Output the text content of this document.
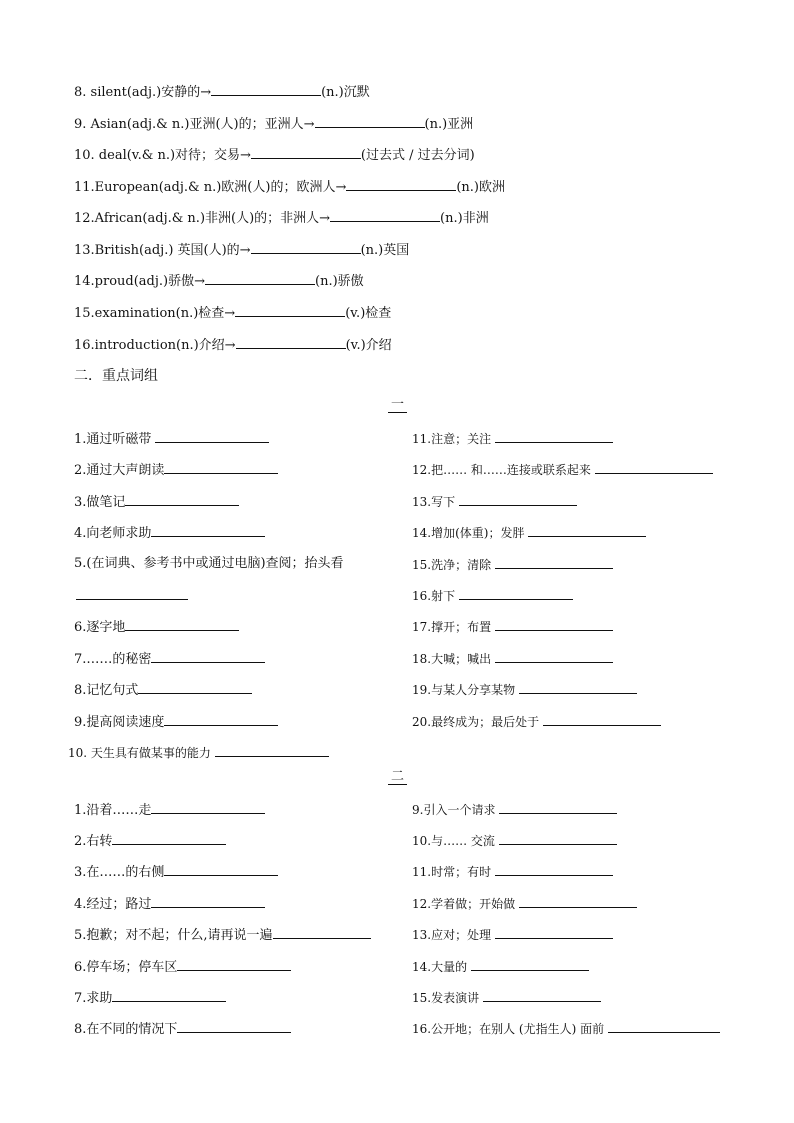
8. silent(adj.)安静的→	(n.)沉默
9. Asian(adj.& n.)亚洲(人)的；亚洲人→	(n.)亚洲
10. deal(v.& n.)对待；交易→	(过去式 / 过去分词)
11.European(adj.& n.)欧洲(人)的；欧洲人→	(n.)欧洲
12.African(adj.& n.)非洲(人)的；非洲人→	(n.)非洲
13.British(adj.) 英国(人)的→	(n.)英国
14.proud(adj.)骄傲→	(n.)骄傲
15.examination(n.)检查→	(v.)检查
16.introduction(n.)介绍→	(v.)介绍
二．重点词组
一
1.通过听磁带
2.通过大声朗读
3.做笔记
4.向老师求助
5.(在词典、参考书中或通过电脑)查阅；抬头看
6.逐字地
7.……的秘密
8.记忆句式
9.提高阅读速度
10. 天生具有做某事的能力
11.注意；关注
12.把…… 和……连接或联系起来
13.写下
14.增加(体重)；发胖
15.洗净；清除
16.射下
17.撑开；布置
18.大喊；喊出
19.与某人分享某物
20.最终成为；最后处于
二
1.沿着……走
2.右转
3.在……的右侧
4.经过；路过
5.抱歉；对不起；什么,请再说一遍
6.停车场；停车区
7.求助
8.在不同的情况下
9.引入一个请求
10.与…… 交流
11.时常；有时
12.学着做；开始做
13.应对；处理
14.大量的
15.发表演讲
16.公开地；在别人 (尤指生人) 面前
